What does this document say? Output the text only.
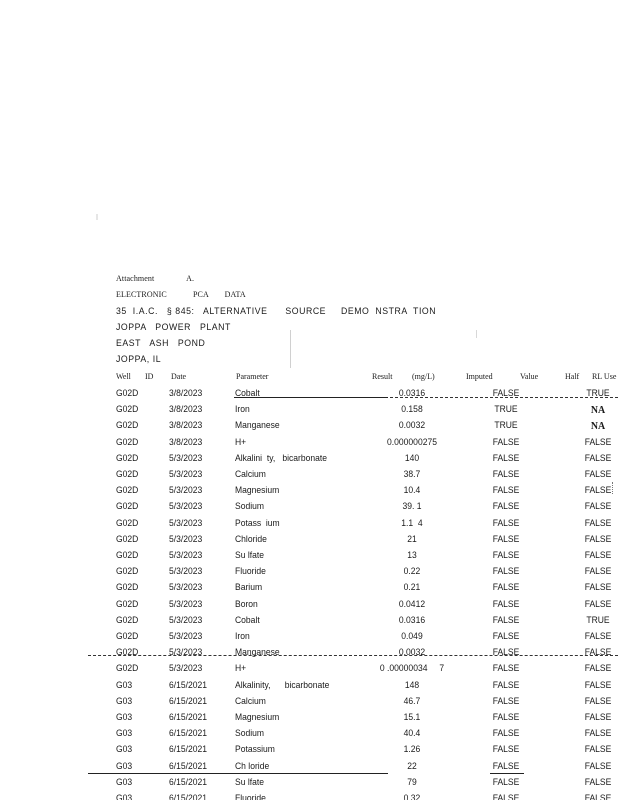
Attachment	A.
ELECTRONIC	PCA DATA
35  I.A.C.   § 845:   ALTERNATIVE      SOURCE     DEMO  NSTRA  TION
JOPPA   POWER   PLANT
EAST   ASH   POND
JOPPA, IL
Well ID Date	Parameter	Result (mg/L)	Imputed	Value	Half RL Use
G02D	3/8/2023	Cobalt	0.0316	FALSE	TRUE
G02D	3/8/2023	Iron	0.158	TRUE	NA
G02D	3/8/2023	Manganese	0.0032	TRUE	NA
G02D	3/8/2023	H+	0.000000275	FALSE	FALSE
G02D	5/3/2023	Alkalini  ty,   bicarbonate	140	FALSE	FALSE
G02D	5/3/2023	Calcium	38.7	FALSE	FALSE
G02D	5/3/2023	Magnesium	10.4	FALSE	FALSE
G02D	5/3/2023	Sodium	39. 1	FALSE	FALSE
G02D	5/3/2023	Potass  ium	1.1  4	FALSE	FALSE
G02D	5/3/2023	Chloride	21	FALSE	FALSE
G02D	5/3/2023	Su lfate	13	FALSE	FALSE
G02D	5/3/2023	Fluoride	0.22	FALSE	FALSE
G02D	5/3/2023	Barium	0.21	FALSE	FALSE
G02D	5/3/2023	Boron	0.0412	FALSE	FALSE
G02D	5/3/2023	Cobalt	0.0316	FALSE	TRUE
G02D	5/3/2023	Iron	0.049	FALSE	FALSE
G02D	5/3/2023	Manganese	0.0032	FALSE	FALSE
G02D	5/3/2023	H+	0 .00000034     7	FALSE	FALSE
G03	6/15/2021	Alkalinity,      bicarbonate	148	FALSE	FALSE
G03	6/15/2021	Calcium	46.7	FALSE	FALSE
G03	6/15/2021	Magnesium	15.1	FALSE	FALSE
G03	6/15/2021	Sodium	40.4	FALSE	FALSE
G03	6/15/2021	Potassium	1.26	FALSE	FALSE
G03	6/15/2021	Ch loride	22	FALSE	FALSE
G03	6/15/2021	Su lfate	79	FALSE	FALSE
G03	6/15/2021	Fluoride	0.32	FALSE	FALSE
